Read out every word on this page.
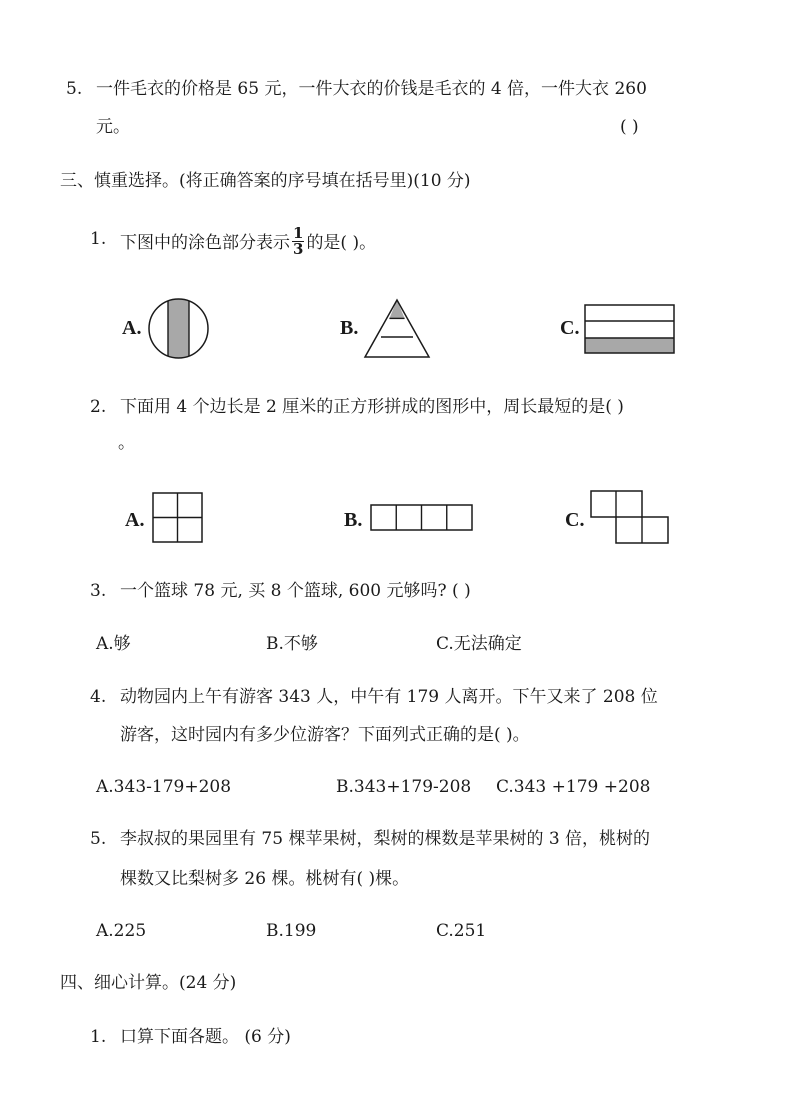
5. 一件毛衣的价格是 65 元，一件大衣的价钱是毛衣的 4 倍，一件大衣 260
元。	( )
三、慎重选择。(将正确答案的序号填在括号里)(10 分)
1. 下图中的涂色部分表示 $\frac{1}{3}$ 的是( )。
A.	B.	C.
2. 下面用 4 个边长是 2 厘米的正方形拼成的图形中，周长最短的是( )
。
A.	B.	C.
3. 一个篮球 78 元, 买 8 个篮球, 600 元够吗? ( )
A.够	B.不够	C.无法确定
4. 动物园内上午有游客 343 人，中午有 179 人离开。下午又来了 208 位
游客，这时园内有多少位游客？下面列式正确的是( )。
A.343-179+208	B.343+179-208 C.343 +179 +208
5. 李叔叔的果园里有 75 棵苹果树，梨树的棵数是苹果树的 3 倍，桃树的
棵数又比梨树多 26 棵。桃树有( )棵。
A.225	B.199	C.251
四、细心计算。(24 分)
1. 口算下面各题。 (6 分)
